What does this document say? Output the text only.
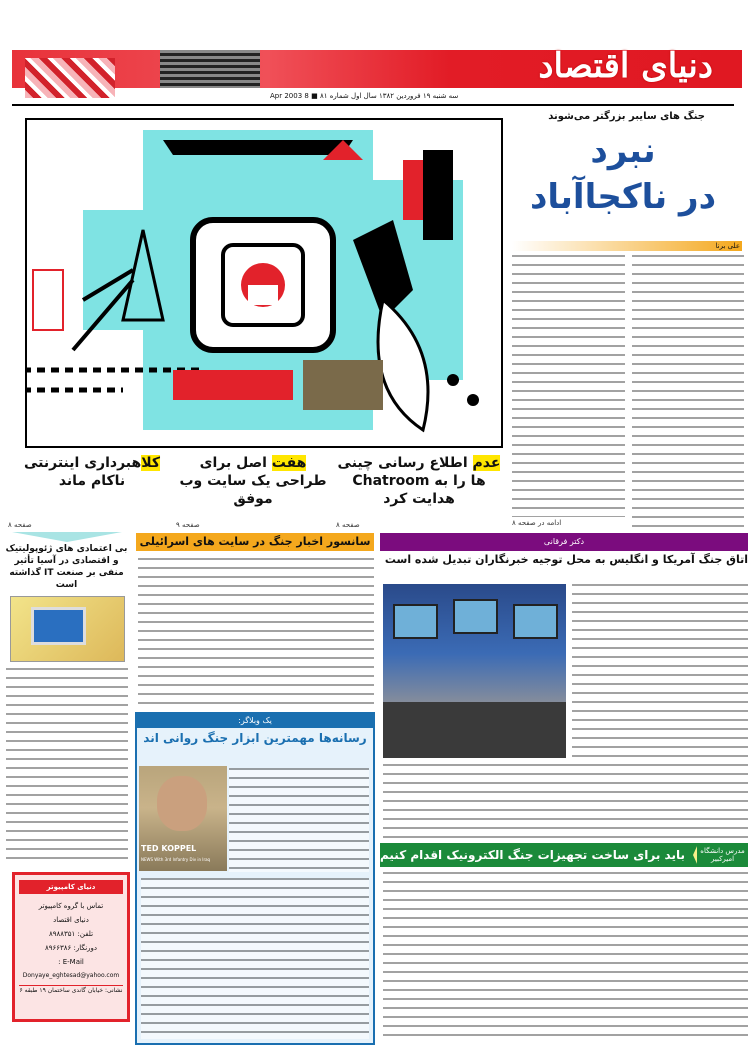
دنیای اقتصاد
سه شنبه ۱۹ فروردین ۱۳۸۲ سال اول شماره ۸۱ ■ 8 Apr 2003
جنگ های سایبر بزرگتر می‌شوند
نبرد
در ناکجاآباد
علی برنا
ادامه در صفحه ۸
عدم اطلاع رسانی چینی ها را به Chatroom هدایت کرد
صفحه ۸
هفت اصل برای طراحی یک سایت وب موفق
صفحه ۹
کلاهبرداری اینترنتی ناکام ماند
صفحه ۸
دکتر فرقانی
اتاق جنگ آمریکا و انگلیس به محل توجیه خبرنگاران تبدیل شده است
مدرس دانشگاه امیرکبیر
باید برای ساخت تجهیزات جنگ الکترونیک اقدام کنیم
سانسور اخبار جنگ در سایت های اسرائیلی
یک وبلاگر:
رسانه‌ها مهمترین ابزار جنگ روانی اند
TED KOPPEL
NEWS With 3rd Infantry Div in Iraq
بی اعتمادی های ژئوپولیتیک و اقتصادی در آسیا تأثیر منفی بر صنعت IT گذاشته است
دنیای کامپیوتر
تماس با گروه کامپیوتر
دنیای اقتصاد
تلفن: ۸۹۸۸۳۵۱
دورنگار: ۸۹۶۶۳۸۶
E-Mail :
Donyaye_eghtesad@yahoo.com
نشانی: خیابان گاندی ساختمان ۱۹ طبقه ۶
